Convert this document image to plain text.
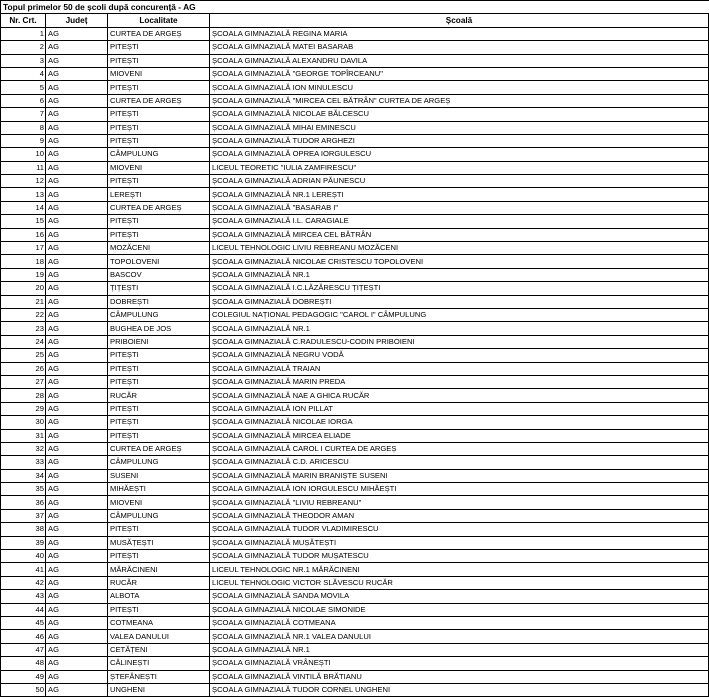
Topul primelor 50 de școli după concurență - AG			
Nr. Crt.	Județ	Localitate	Școală
1	AG	CURTEA DE ARGEȘ	ȘCOALA GIMNAZIALĂ REGINA MARIA
2	AG	PITEȘTI	ȘCOALA GIMNAZIALĂ MATEI BASARAB
3	AG	PITEȘTI	ȘCOALA GIMNAZIALĂ ALEXANDRU DAVILA
4	AG	MIOVENI	ȘCOALA GIMNAZIALĂ "GEORGE TOPÎRCEANU"
5	AG	PITEȘTI	ȘCOALA GIMNAZIALĂ ION MINULESCU
6	AG	CURTEA DE ARGEȘ	ȘCOALA GIMNAZIALĂ "MIRCEA CEL BĂTRÂN" CURTEA DE ARGEȘ
7	AG	PITEȘTI	ȘCOALA GIMNAZIALĂ NICOLAE BĂLCESCU
8	AG	PITEȘTI	ȘCOALA GIMNAZIALĂ MIHAI EMINESCU
9	AG	PITEȘTI	ȘCOALA GIMNAZIALĂ TUDOR ARGHEZI
10	AG	CÂMPULUNG	ȘCOALA GIMNAZIALĂ OPREA IORGULESCU
11	AG	MIOVENI	LICEUL TEORETIC "IULIA ZAMFIRESCU"
12	AG	PITEȘTI	ȘCOALA GIMNAZIALĂ ADRIAN PĂUNESCU
13	AG	LEREȘTI	ȘCOALA GIMNAZIALĂ NR.1 LEREȘTI
14	AG	CURTEA DE ARGEȘ	ȘCOALA GIMNAZIALĂ "BASARAB I"
15	AG	PITEȘTI	ȘCOALA GIMNAZIALĂ I.L. CARAGIALE
16	AG	PITEȘTI	ȘCOALA GIMNAZIALĂ MIRCEA CEL BĂTRÂN
17	AG	MOZĂCENI	LICEUL TEHNOLOGIC LIVIU REBREANU MOZĂCENI
18	AG	TOPOLOVENI	ȘCOALA GIMNAZIALĂ NICOLAE CRISTESCU TOPOLOVENI
19	AG	BASCOV	ȘCOALA GIMNAZIALĂ NR.1
20	AG	ȚIȚEȘTI	ȘCOALA GIMNAZIALĂ I.C.LĂZĂRESCU ȚIȚEȘTI
21	AG	DOBREȘTI	ȘCOALA GIMNAZIALĂ DOBREȘTI
22	AG	CÂMPULUNG	COLEGIUL NAȚIONAL PEDAGOGIC "CAROL I" CÂMPULUNG
23	AG	BUGHEA DE JOS	ȘCOALA GIMNAZIALĂ NR.1
24	AG	PRIBOIENI	ȘCOALA GIMNAZIALĂ C.RADULESCU-CODIN PRIBOIENI
25	AG	PITEȘTI	ȘCOALA GIMNAZIALĂ NEGRU VODĂ
26	AG	PITEȘTI	ȘCOALA GIMNAZIALĂ TRAIAN
27	AG	PITEȘTI	ȘCOALA GIMNAZIALĂ MARIN PREDA
28	AG	RUCĂR	ȘCOALA GIMNAZIALĂ NAE A GHICA RUCĂR
29	AG	PITEȘTI	ȘCOALA GIMNAZIALĂ ION PILLAT
30	AG	PITEȘTI	ȘCOALA GIMNAZIALĂ NICOLAE IORGA
31	AG	PITEȘTI	ȘCOALA GIMNAZIALĂ MIRCEA ELIADE
32	AG	CURTEA DE ARGEȘ	ȘCOALA GIMNAZIALĂ CAROL I CURTEA DE ARGEȘ
33	AG	CÂMPULUNG	ȘCOALA GIMNAZIALĂ C.D. ARICESCU
34	AG	SUSENI	ȘCOALA GIMNAZIALĂ MARIN BRANIȘTE SUSENI
35	AG	MIHĂEȘTI	ȘCOALA GIMNAZIALĂ ION IORGULESCU MIHĂEȘTI
36	AG	MIOVENI	ȘCOALA GIMNAZIALĂ "LIVIU REBREANU"
37	AG	CÂMPULUNG	ȘCOALA GIMNAZIALĂ THEODOR AMAN
38	AG	PITEȘTI	ȘCOALA GIMNAZIALĂ TUDOR VLADIMIRESCU
39	AG	MUSĂȚEȘTI	ȘCOALA GIMNAZIALĂ MUȘĂTEȘTI
40	AG	PITEȘTI	ȘCOALA GIMNAZIALĂ TUDOR MUȘATESCU
41	AG	MĂRĂCINENI	LICEUL TEHNOLOGIC NR.1 MĂRĂCINENI
42	AG	RUCĂR	LICEUL TEHNOLOGIC VICTOR SLĂVESCU RUCĂR
43	AG	ALBOTA	ȘCOALA GIMNAZIALĂ SANDA MOVILA
44	AG	PITEȘTI	ȘCOALA GIMNAZIALĂ NICOLAE SIMONIDE
45	AG	COTMEANA	ȘCOALA GIMNAZIALĂ COTMEANA
46	AG	VALEA DANULUI	ȘCOALA GIMNAZIALĂ NR.1 VALEA DANULUI
47	AG	CETĂȚENI	ȘCOALA GIMNAZIALĂ NR.1
48	AG	CĂLINEȘTI	ȘCOALA GIMNAZIALĂ VRÂNEȘTI
49	AG	ȘTEFĂNEȘTI	ȘCOALA GIMNAZIALĂ VINTILĂ BRĂTIANU
50	AG	UNGHENI	ȘCOALA GIMNAZIALĂ TUDOR CORNEL UNGHENI
